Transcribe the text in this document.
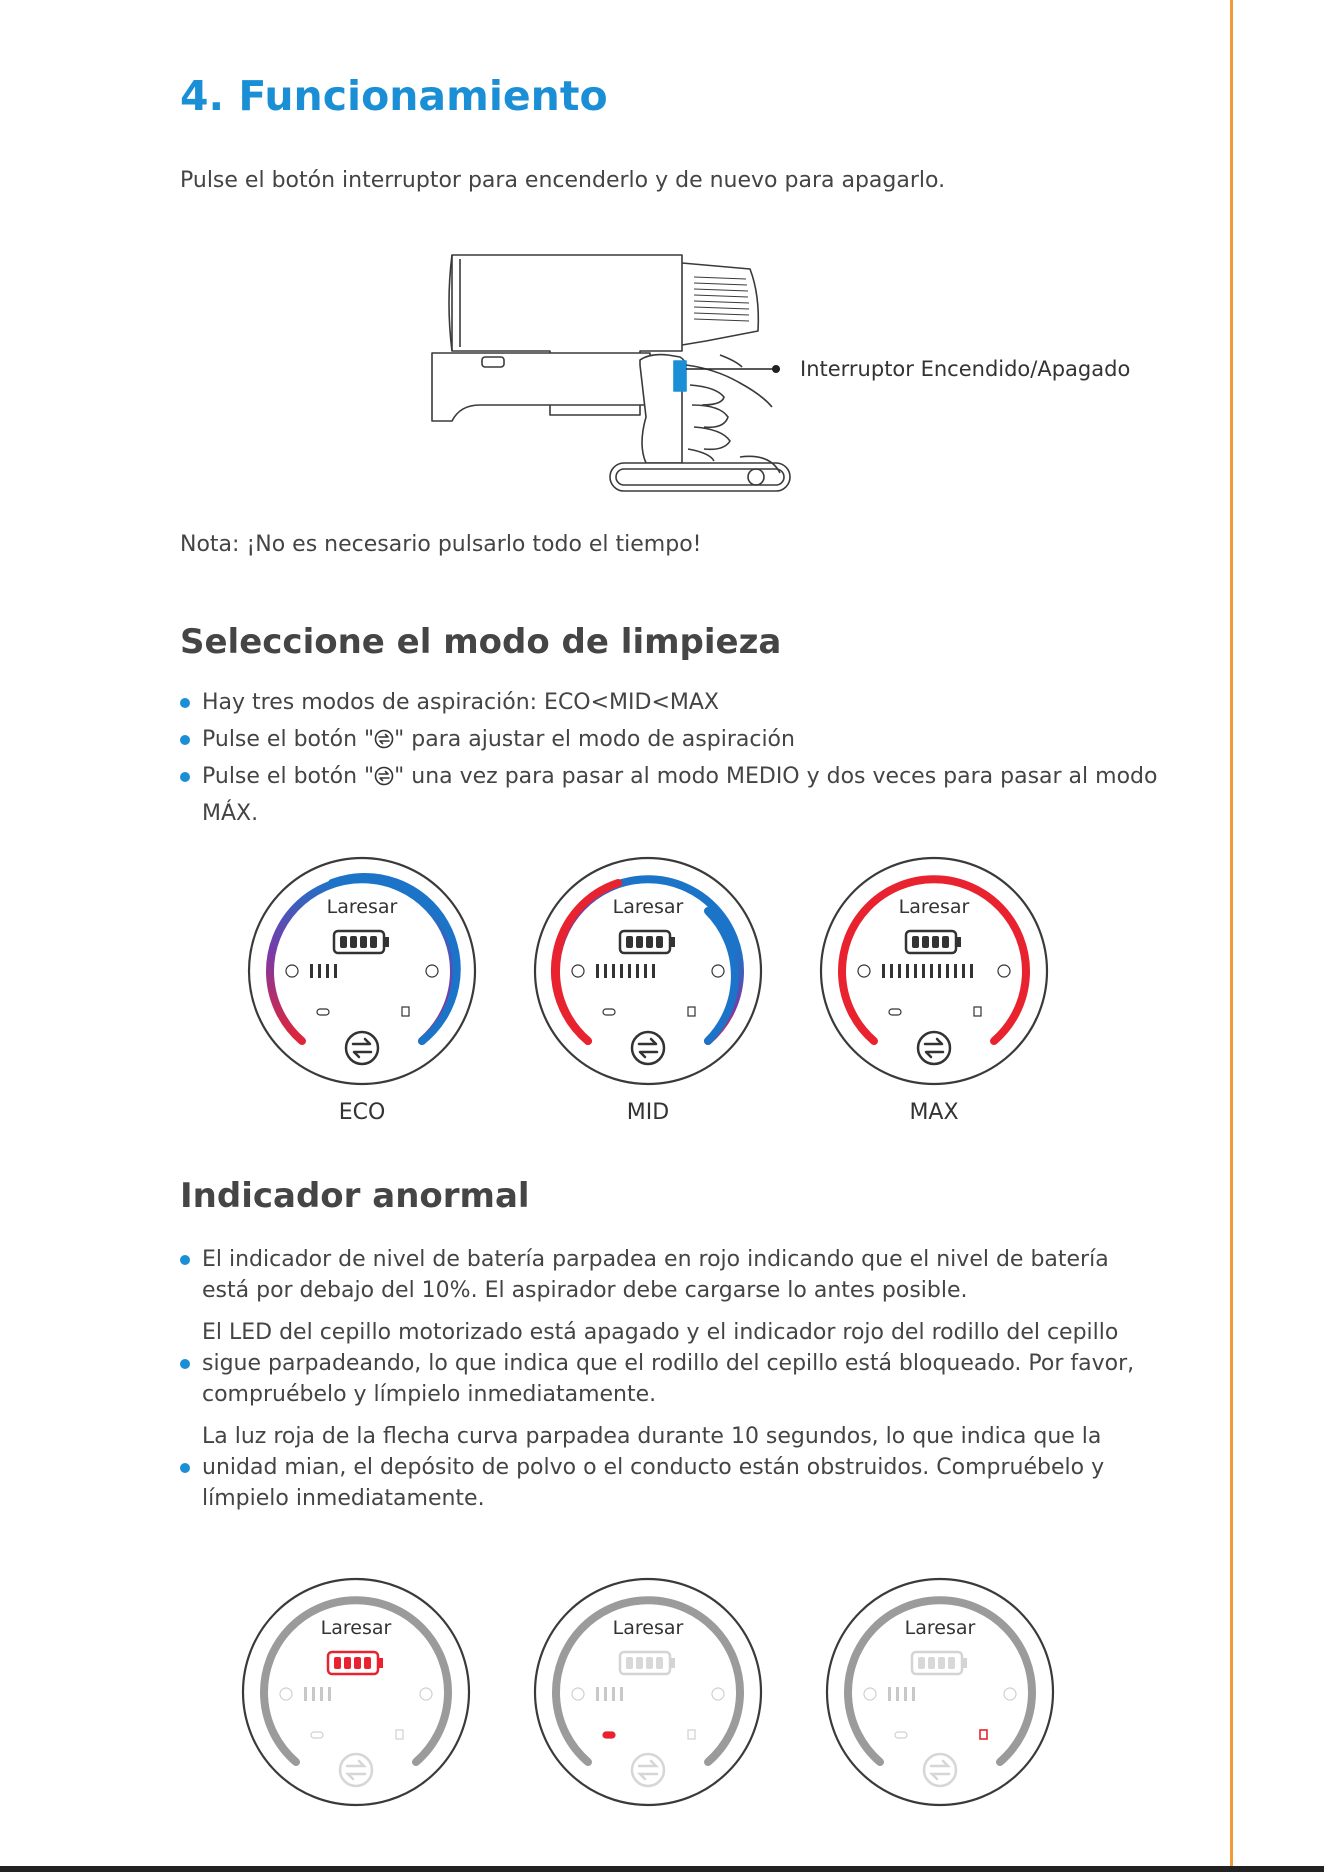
4. Funcionamiento
Pulse el botón interruptor para encenderlo y de nuevo para apagarlo.
Interruptor Encendido/Apagado
Nota: ¡No es necesario pulsarlo todo el tiempo!
Seleccione el modo de limpieza
Hay tres modos de aspiración: ECO<MID<MAX
Pulse el botón " " para ajustar el modo de aspiración
Pulse el botón " " una vez para pasar al modo MEDIO y dos veces para pasar al modo MÁX.
Laresar	Laresar	Laresar
ECO	MID	MAX
Indicador anormal
El indicador de nivel de batería parpadea en rojo indicando que el nivel de batería está por debajo del 10%. El aspirador debe cargarse lo antes posible.
El LED del cepillo motorizado está apagado y el indicador rojo del rodillo del cepillo sigue parpadeando, lo que indica que el rodillo del cepillo está bloqueado. Por favor, compruébelo y límpielo inmediatamente.
La luz roja de la flecha curva parpadea durante 10 segundos, lo que indica que la unidad mian, el depósito de polvo o el conducto están obstruidos. Compruébelo y límpielo inmediatamente.
Laresar	Laresar	Laresar
